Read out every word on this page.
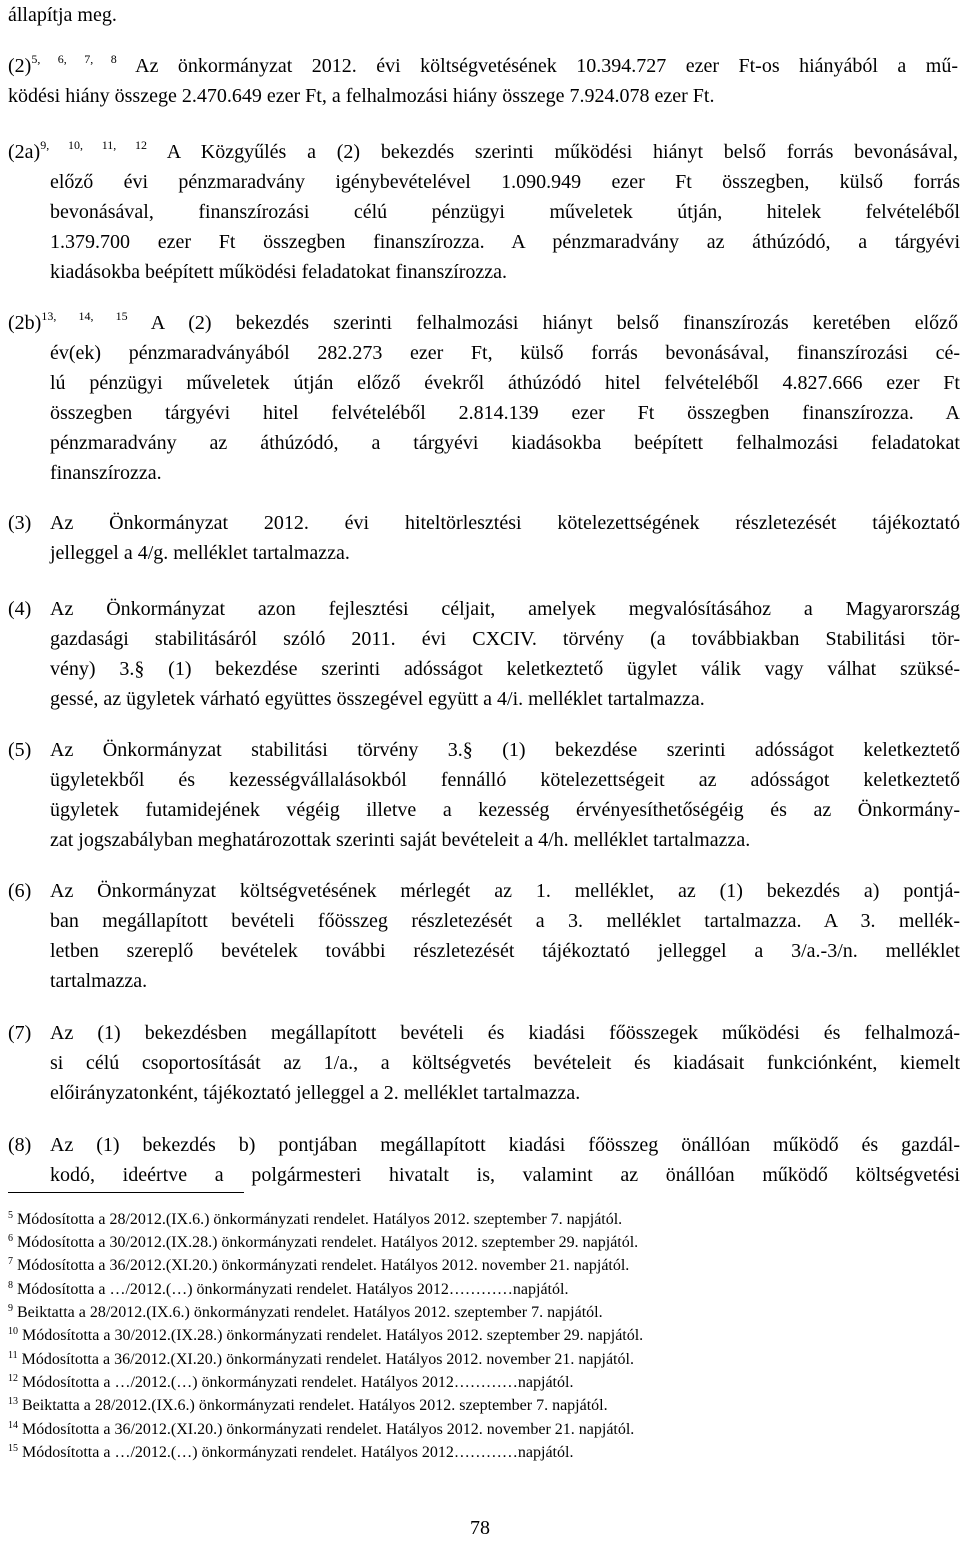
állapítja meg.
$(2)^{5, 6, 7, 8}$ Az önkormányzat 2012. évi költségvetésének 10.394.727 ezer Ft-os hiányából a mű-
ködési hiány összege 2.470.649 ezer Ft, a felhalmozási hiány összege 7.924.078 ezer Ft.
$(2a)^{9, 10, 11, 12}$ A Közgyűlés a (2) bekezdés szerinti működési hiányt belső forrás bevonásával,
előző évi pénzmaradvány igénybevételével 1.090.949 ezer Ft összegben, külső forrás
bevonásával, finanszírozási célú pénzügyi műveletek útján, hitelek felvételéből
1.379.700 ezer Ft összegben finanszírozza. A pénzmaradvány az áthúzódó, a tárgyévi
kiadásokba beépített működési feladatokat finanszírozza.
$(2b)^{13, 14, 15}$ A (2) bekezdés szerinti felhalmozási hiányt belső finanszírozás keretében előző
év(ek) pénzmaradványából 282.273 ezer Ft, külső forrás bevonásával, finanszírozási cé-
lú pénzügyi műveletek útján előző évekről áthúzódó hitel felvételéből 4.827.666 ezer Ft
összegben tárgyévi hitel felvételéből 2.814.139 ezer Ft összegben finanszírozza. A
pénzmaradvány az áthúzódó, a tárgyévi kiadásokba beépített felhalmozási feladatokat
finanszírozza.
(3) Az Önkormányzat 2012. évi hiteltörlesztési kötelezettségének részletezését tájékoztató
jelleggel a 4/g. melléklet tartalmazza.
(4) Az Önkormányzat azon fejlesztési céljait, amelyek megvalósításához a Magyarország
gazdasági stabilitásáról szóló 2011. évi CXCIV. törvény (a továbbiakban Stabilitási tör-
vény) 3.§ (1) bekezdése szerinti adósságot keletkeztető ügylet válik vagy válhat szüksé-
gessé, az ügyletek várható együttes összegével együtt a 4/i. melléklet tartalmazza.
(5) Az Önkormányzat stabilitási törvény 3.§ (1) bekezdése szerinti adósságot keletkeztető
ügyletekből és kezességvállalásokból fennálló kötelezettségeit az adósságot keletkeztető
ügyletek futamidejének végéig illetve a kezesség érvényesíthetőségéig és az Önkormány-
zat jogszabályban meghatározottak szerinti saját bevételeit a 4/h. melléklet tartalmazza.
(6) Az Önkormányzat költségvetésének mérlegét az 1. melléklet, az (1) bekezdés a) pontjá-
ban megállapított bevételi főösszeg részletezését a 3. melléklet tartalmazza. A 3. mellék-
letben szereplő bevételek további részletezését tájékoztató jelleggel a 3/a.-3/n. melléklet
tartalmazza.
(7) Az (1) bekezdésben megállapított bevételi és kiadási főösszegek működési és felhalmozá-
si célú csoportosítását az 1/a., a költségvetés bevételeit és kiadásait funkciónként, kiemelt
előirányzatonként, tájékoztató jelleggel a 2. melléklet tartalmazza.
(8) Az (1) bekezdés b) pontjában megállapított kiadási főösszeg önállóan működő és gazdál-
kodó, ideértve a polgármesteri hivatalt is, valamint az önállóan működő költségvetési
$^5$ Módosította a 28/2012.(IX.6.) önkormányzati rendelet. Hatályos 2012. szeptember 7. napjától.
$^6$ Módosította a 30/2012.(IX.28.) önkormányzati rendelet. Hatályos 2012. szeptember 29. napjától.
$^7$ Módosította a 36/2012.(XI.20.) önkormányzati rendelet. Hatályos 2012. november 21. napjától.
$^8$ Módosította a …/2012.(…) önkormányzati rendelet. Hatályos 2012…………napjától.
$^9$ Beiktatta a 28/2012.(IX.6.) önkormányzati rendelet. Hatályos 2012. szeptember 7. napjától.
$^{10}$ Módosította a 30/2012.(IX.28.) önkormányzati rendelet. Hatályos 2012. szeptember 29. napjától.
$^{11}$ Módosította a 36/2012.(XI.20.) önkormányzati rendelet. Hatályos 2012. november 21. napjától.
$^{12}$ Módosította a …/2012.(…) önkormányzati rendelet. Hatályos 2012…………napjától.
$^{13}$ Beiktatta a 28/2012.(IX.6.) önkormányzati rendelet. Hatályos 2012. szeptember 7. napjától.
$^{14}$ Módosította a 36/2012.(XI.20.) önkormányzati rendelet. Hatályos 2012. november 21. napjától.
$^{15}$ Módosította a …/2012.(…) önkormányzati rendelet. Hatályos 2012…………napjától.
78
